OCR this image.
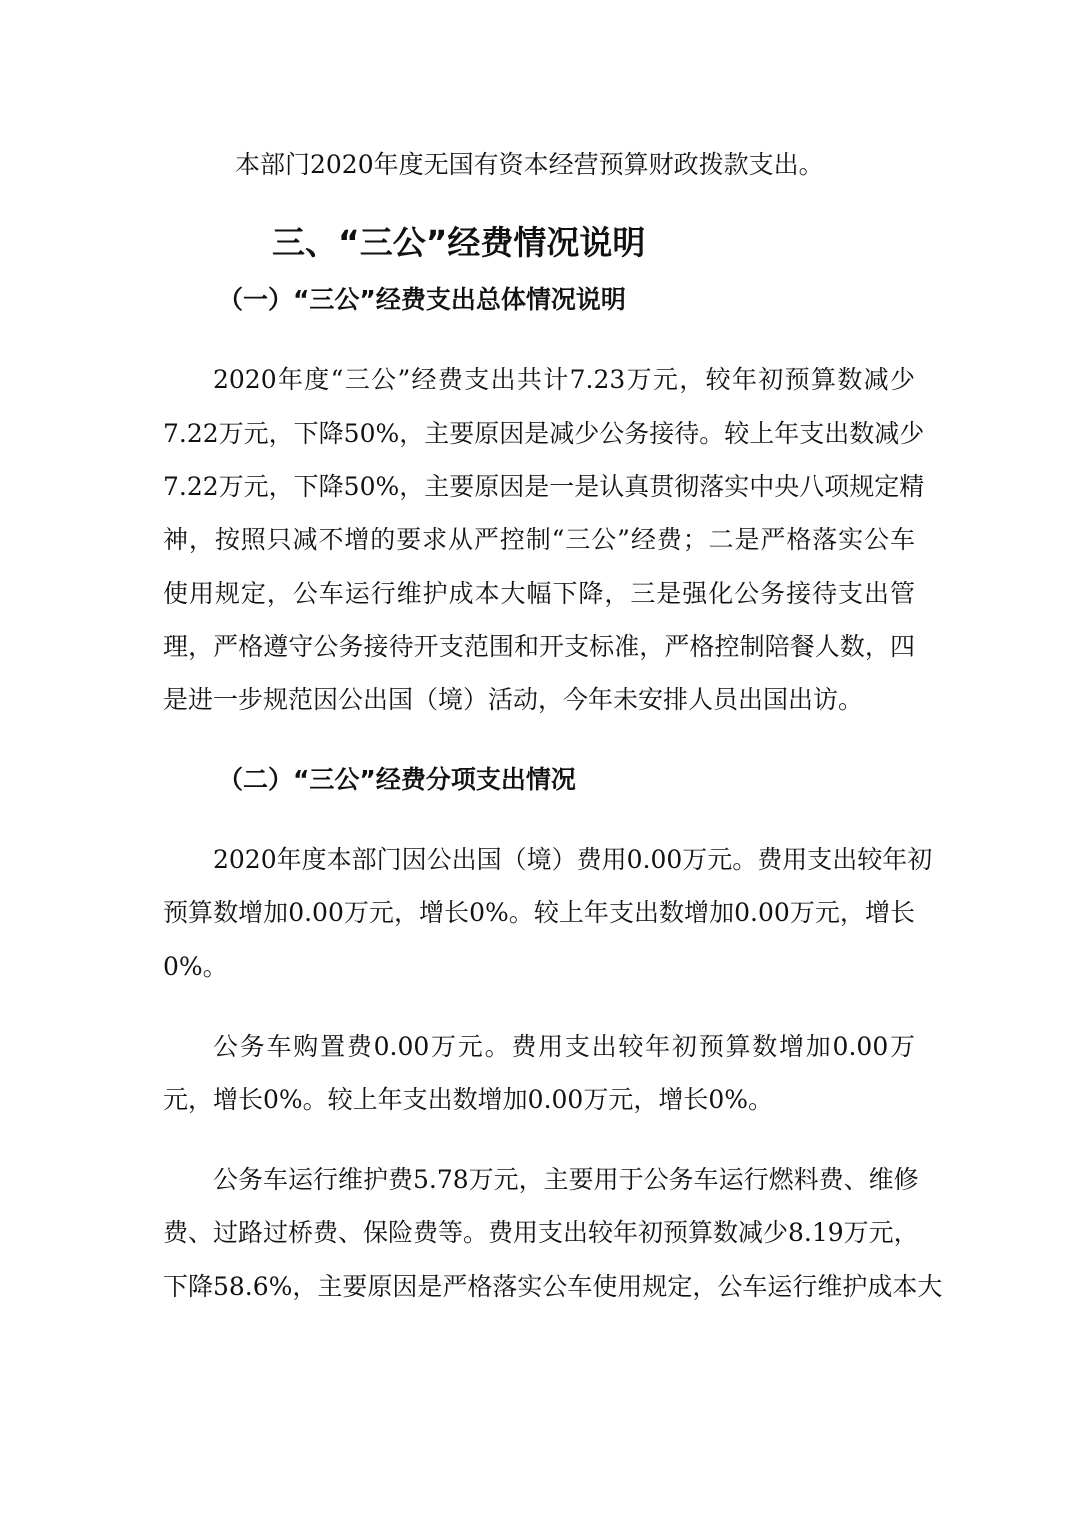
本部门2020年度无国有资本经营预算财政拨款支出。
三、“三公”经费情况说明
（一）“三公”经费支出总体情况说明
2020年度“三公”经费支出共计7.23万元，较年初预算数减少
7.22万元，下降50%，主要原因是减少公务接待。较上年支出数减少
7.22万元，下降50%，主要原因是一是认真贯彻落实中央八项规定精
神，按照只减不增的要求从严控制“三公”经费；二是严格落实公车
使用规定，公车运行维护成本大幅下降，三是强化公务接待支出管
理，严格遵守公务接待开支范围和开支标准，严格控制陪餐人数，四
是进一步规范因公出国（境）活动，今年未安排人员出国出访。
（二）“三公”经费分项支出情况
2020年度本部门因公出国（境）费用0.00万元。费用支出较年初
预算数增加0.00万元，增长0%。较上年支出数增加0.00万元，增长
0%。
公务车购置费0.00万元。费用支出较年初预算数增加0.00万
元，增长0%。较上年支出数增加0.00万元，增长0%。
公务车运行维护费5.78万元，主要用于公务车运行燃料费、维修
费、过路过桥费、保险费等。费用支出较年初预算数减少8.19万元，
下降58.6%，主要原因是严格落实公车使用规定，公车运行维护成本大
